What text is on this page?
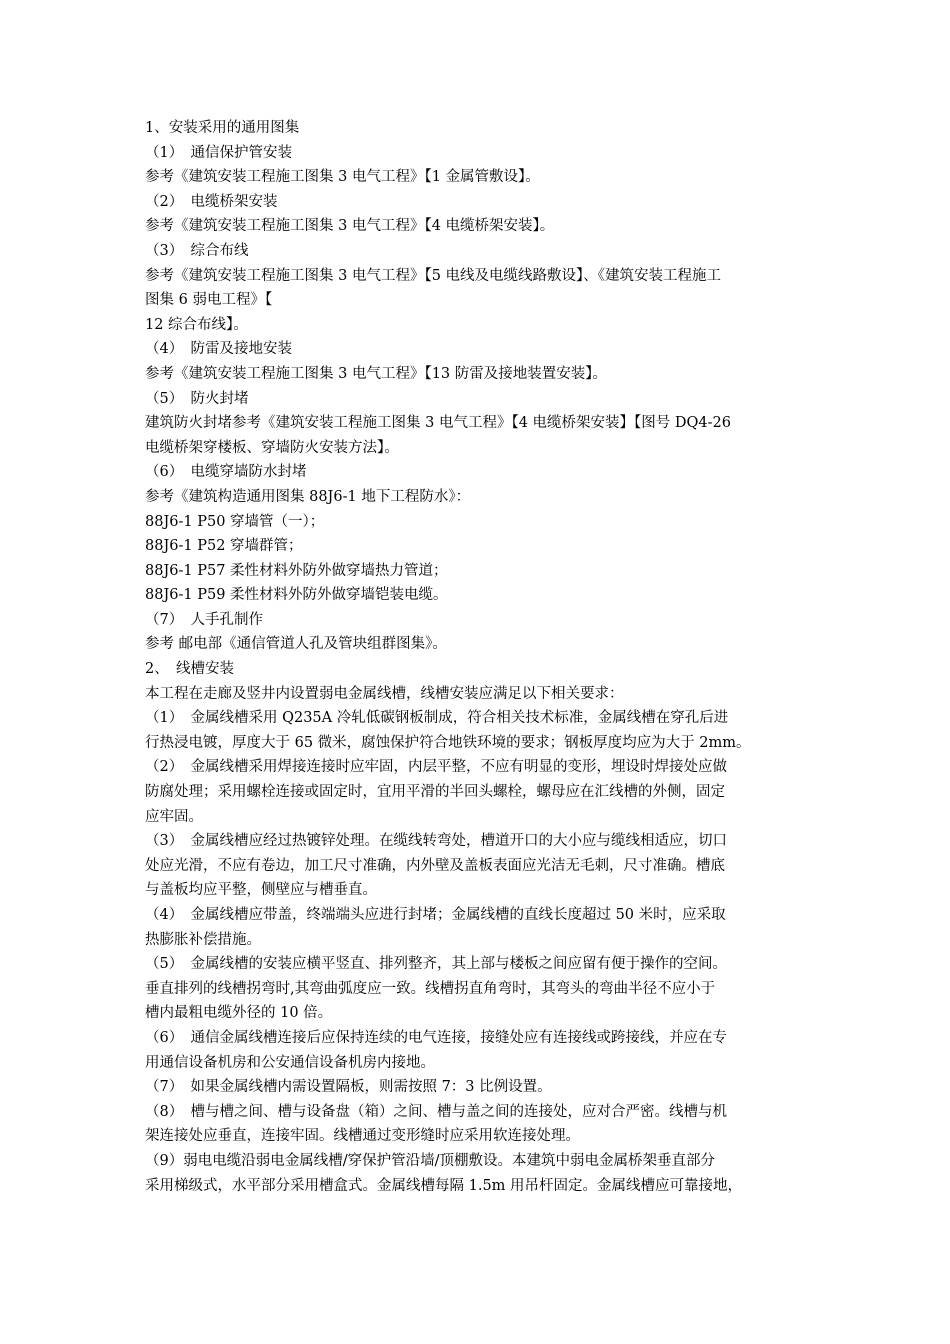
1、安装采用的通用图集
（1）　通信保护管安装
参考《建筑安装工程施工图集 3 电气工程》【1 金属管敷设】。
（2）　电缆桥架安装
参考《建筑安装工程施工图集 3 电气工程》【4 电缆桥架安装】。
（3）　综合布线
参考《建筑安装工程施工图集 3 电气工程》【5 电线及电缆线路敷设】、《建筑安装工程施工
图集 6 弱电工程》【
12 综合布线】。
（4）　防雷及接地安装
参考《建筑安装工程施工图集 3 电气工程》【13 防雷及接地装置安装】。
（5）　防火封堵
建筑防火封堵参考《建筑安装工程施工图集 3 电气工程》【4 电缆桥架安装】【图号 DQ4-26
电缆桥架穿楼板、穿墙防火安装方法】。
（6）　电缆穿墙防水封堵
参考《建筑构造通用图集 88J6-1 地下工程防水》：
88J6-1 P50 穿墙管（一）；
88J6-1 P52 穿墙群管；
88J6-1 P57 柔性材料外防外做穿墙热力管道；
88J6-1 P59 柔性材料外防外做穿墙铠装电缆。
（7）　人手孔制作
参考 邮电部《通信管道人孔及管块组群图集》。
2、　线槽安装
本工程在走廊及竖井内设置弱电金属线槽，线槽安装应满足以下相关要求：
（1）　金属线槽采用 Q235A 冷轧低碳钢板制成，符合相关技术标准，金属线槽在穿孔后进
行热浸电镀，厚度大于 65 微米，腐蚀保护符合地铁环境的要求；钢板厚度均应为大于 2mm。
（2）　金属线槽采用焊接连接时应牢固，内层平整，不应有明显的变形，埋设时焊接处应做
防腐处理；采用螺栓连接或固定时，宜用平滑的半回头螺栓，螺母应在汇线槽的外侧，固定
应牢固。
（3）　金属线槽应经过热镀锌处理。在缆线转弯处，槽道开口的大小应与缆线相适应，切口
处应光滑，不应有卷边，加工尺寸准确，内外壁及盖板表面应光洁无毛刺，尺寸准确。槽底
与盖板均应平整，侧壁应与槽垂直。
（4）　金属线槽应带盖，终端端头应进行封堵；金属线槽的直线长度超过 50 米时，应采取
热膨胀补偿措施。
（5）　金属线槽的安装应横平竖直、排列整齐，其上部与楼板之间应留有便于操作的空间。
垂直排列的线槽拐弯时,其弯曲弧度应一致。线槽拐直角弯时，其弯头的弯曲半径不应小于
槽内最粗电缆外径的 10 倍。
（6）　通信金属线槽连接后应保持连续的电气连接，接缝处应有连接线或跨接线，并应在专
用通信设备机房和公安通信设备机房内接地。
（7）　如果金属线槽内需设置隔板，则需按照 7：3 比例设置。
（8）　槽与槽之间、槽与设备盘（箱）之间、槽与盖之间的连接处，应对合严密。线槽与机
架连接处应垂直，连接牢固。线槽通过变形缝时应采用软连接处理。
（9）弱电电缆沿弱电金属线槽/穿保护管沿墙/顶棚敷设。本建筑中弱电金属桥架垂直部分
采用梯级式，水平部分采用槽盒式。金属线槽每隔 1.5m 用吊杆固定。金属线槽应可靠接地，
